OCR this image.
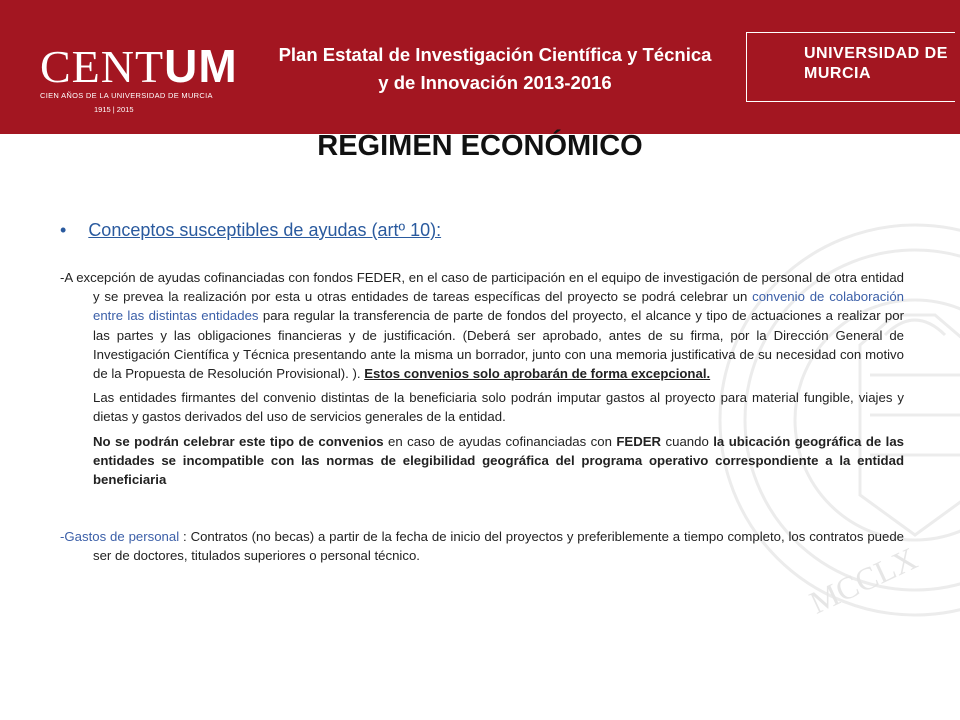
CENTUM
CIEN AÑOS DE LA UNIVERSIDAD DE MURCIA
1915 | 2015
Plan Estatal de Investigación Científica y Técnica
y de Innovación 2013-2016
UNIVERSIDAD DE
MURCIA
MCCLX
REGIMEN ECONÓMICO
• Conceptos susceptibles de ayudas (artº 10):
-A excepción de ayudas cofinanciadas con fondos FEDER, en el caso de participación en el equipo de investigación de personal de otra entidad y se prevea la realización por esta u otras entidades de tareas específicas del proyecto se podrá celebrar un convenio de colaboración entre las distintas entidades para regular la transferencia de parte de fondos del proyecto, el alcance y tipo de actuaciones a realizar por las partes y las obligaciones financieras y de justificación. (Deberá ser aprobado, antes de su firma, por la Dirección General de Investigación Científica y Técnica presentando ante la misma un borrador, junto con una memoria justificativa de su necesidad con motivo de la Propuesta de Resolución Provisional). ). Estos convenios solo aprobarán de forma excepcional.
Las entidades firmantes del convenio distintas de la beneficiaria solo podrán imputar gastos al proyecto para material fungible, viajes y dietas y gastos derivados del uso de servicios generales de la entidad.
No se podrán celebrar este tipo de convenios en caso de ayudas cofinanciadas con FEDER cuando la ubicación geográfica de las entidades se incompatible con las normas de elegibilidad geográfica del programa operativo correspondiente a la entidad beneficiaria
-Gastos de personal : Contratos (no becas) a partir de la fecha de inicio del proyectos y preferiblemente a tiempo completo, los contratos puede ser de doctores, titulados superiores o personal técnico.
